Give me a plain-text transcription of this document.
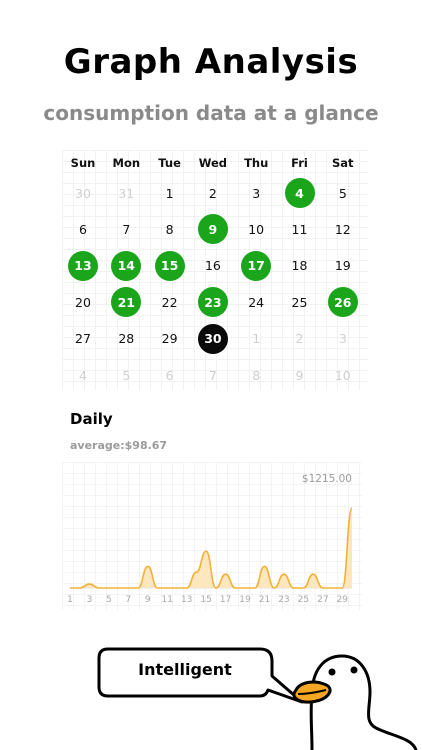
Graph Analysis
consumption data at a glance
Sun	Mon	Tue	Wed	Thu	Fri	Sat
30	31	1	2	3	4	5
6	7	8	9	10	11	12
13	14	15	16	17	18	19
20	21	22	23	24	25	26
27	28	29	30	1	2	3
4	5	6	7	8	9	10
Daily
average:$98.67
$1215.00
1 3 5 7 9 11 13 15 17 19 21 23 25 27 29
Intelligent
